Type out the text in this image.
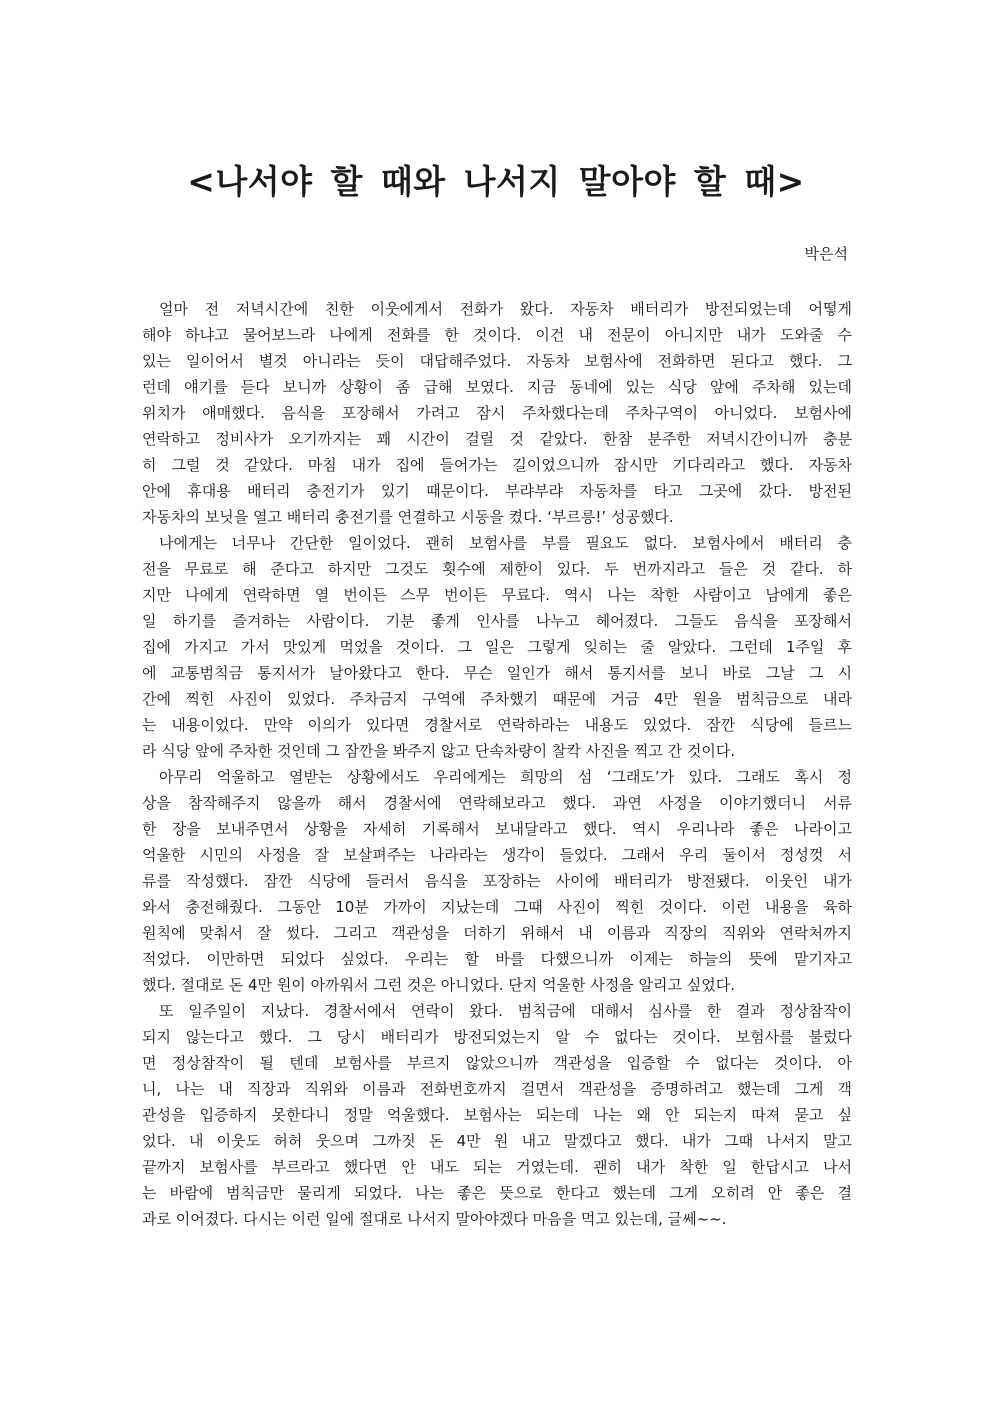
<나서야 할 때와 나서지 말아야 할 때>
박은석

얼마 전 저녁시간에 친한 이웃에게서 전화가 왔다. 자동차 배터리가 방전되었는데 어떻게

해야 하냐고 물어보느라 나에게 전화를 한 것이다. 이건 내 전문이 아니지만 내가 도와줄 수

있는 일이어서 별것 아니라는 듯이 대답해주었다. 자동차 보험사에 전화하면 된다고 했다. 그

런데 얘기를 듣다 보니까 상황이 좀 급해 보였다. 지금 동네에 있는 식당 앞에 주차해 있는데

위치가 애매했다. 음식을 포장해서 가려고 잠시 주차했다는데 주차구역이 아니었다. 보험사에

연락하고 정비사가 오기까지는 꽤 시간이 걸릴 것 같았다. 한참 분주한 저녁시간이니까 충분

히 그럴 것 같았다. 마침 내가 집에 들어가는 길이었으니까 잠시만 기다리라고 했다. 자동차

안에 휴대용 배터리 충전기가 있기 때문이다. 부랴부랴 자동차를 타고 그곳에 갔다. 방전된

자동차의 보닛을 열고 배터리 충전기를 연결하고 시동을 켰다. ‘부르릉!’ 성공했다.

나에게는 너무나 간단한 일이었다. 괜히 보험사를 부를 필요도 없다. 보험사에서 배터리 충

전을 무료로 해 준다고 하지만 그것도 횟수에 제한이 있다. 두 번까지라고 들은 것 같다. 하

지만 나에게 연락하면 열 번이든 스무 번이든 무료다. 역시 나는 착한 사람이고 남에게 좋은

일 하기를 즐겨하는 사람이다. 기분 좋게 인사를 나누고 헤어졌다. 그들도 음식을 포장해서

집에 가지고 가서 맛있게 먹었을 것이다. 그 일은 그렇게 잊히는 줄 알았다. 그런데 1주일 후

에 교통범칙금 통지서가 날아왔다고 한다. 무슨 일인가 해서 통지서를 보니 바로 그날 그 시

간에 찍힌 사진이 있었다. 주차금지 구역에 주차했기 때문에 거금 4만 원을 범칙금으로 내라

는 내용이었다. 만약 이의가 있다면 경찰서로 연락하라는 내용도 있었다. 잠깐 식당에 들르느

라 식당 앞에 주차한 것인데 그 잠깐을 봐주지 않고 단속차량이 찰칵 사진을 찍고 간 것이다.

아무리 억울하고 열받는 상황에서도 우리에게는 희망의 섬 ‘그래도’가 있다. 그래도 혹시 정

상을 참작해주지 않을까 해서 경찰서에 연락해보라고 했다. 과연 사정을 이야기했더니 서류

한 장을 보내주면서 상황을 자세히 기록해서 보내달라고 했다. 역시 우리나라 좋은 나라이고

억울한 시민의 사정을 잘 보살펴주는 나라라는 생각이 들었다. 그래서 우리 둘이서 정성껏 서

류를 작성했다. 잠깐 식당에 들러서 음식을 포장하는 사이에 배터리가 방전됐다. 이웃인 내가

와서 충전해줬다. 그동안 10분 가까이 지났는데 그때 사진이 찍힌 것이다. 이런 내용을 육하

원칙에 맞춰서 잘 썼다. 그리고 객관성을 더하기 위해서 내 이름과 직장의 직위와 연락처까지

적었다. 이만하면 되었다 싶었다. 우리는 할 바를 다했으니까 이제는 하늘의 뜻에 맡기자고

했다. 절대로 돈 4만 원이 아까워서 그런 것은 아니었다. 단지 억울한 사정을 알리고 싶었다.

또 일주일이 지났다. 경찰서에서 연락이 왔다. 범칙금에 대해서 심사를 한 결과 정상참작이

되지 않는다고 했다. 그 당시 배터리가 방전되었는지 알 수 없다는 것이다. 보험사를 불렀다

면 정상참작이 될 텐데 보험사를 부르지 않았으니까 객관성을 입증할 수 없다는 것이다. 아

니, 나는 내 직장과 직위와 이름과 전화번호까지 걸면서 객관성을 증명하려고 했는데 그게 객

관성을 입증하지 못한다니 정말 억울했다. 보험사는 되는데 나는 왜 안 되는지 따져 묻고 싶

었다. 내 이웃도 허허 웃으며 그까짓 돈 4만 원 내고 말겠다고 했다. 내가 그때 나서지 말고

끝까지 보험사를 부르라고 했다면 안 내도 되는 거였는데. 괜히 내가 착한 일 한답시고 나서

는 바람에 범칙금만 물리게 되었다. 나는 좋은 뜻으로 한다고 했는데 그게 오히려 안 좋은 결

과로 이어졌다. 다시는 이런 일에 절대로 나서지 말아야겠다 마음을 먹고 있는데, 글쎄~~.
